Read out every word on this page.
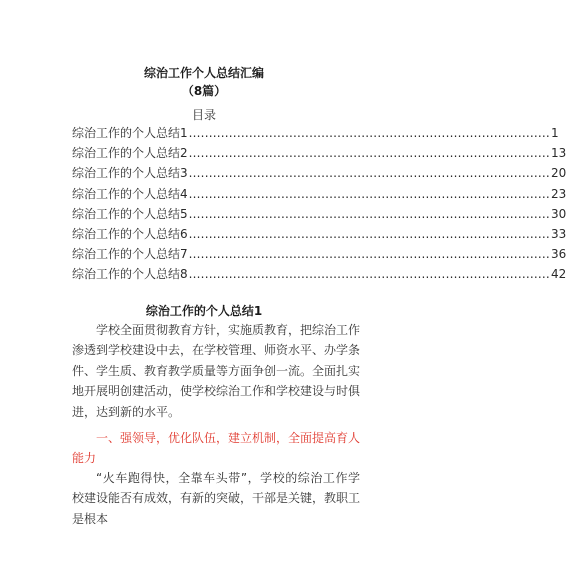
综治工作个人总结汇编
（8篇）
目录
综治工作的个人总结1 .......................................................................................... 1
综治工作的个人总结2 .......................................................................................... 13
综治工作的个人总结3 .......................................................................................... 20
综治工作的个人总结4 .......................................................................................... 23
综治工作的个人总结5 .......................................................................................... 30
综治工作的个人总结6 .......................................................................................... 33
综治工作的个人总结7 .......................................................................................... 36
综治工作的个人总结8 .......................................................................................... 42
综治工作的个人总结1

学校全面贯彻教育方针，实施质教育，把综治工作渗透到学校建设中去，在学校管理、师资水平、办学条件、学生质、教育教学质量等方面争创一流。全面扎实地开展明创建活动，使学校综治工作和学校建设与时俱进，达到新的水平。

一、强领导，优化队伍，建立机制，全面提高育人能力

“火车跑得快，全靠车头带”，学校的综治工作学校建设能否有成效，有新的突破，干部是关键，教职工是根本
